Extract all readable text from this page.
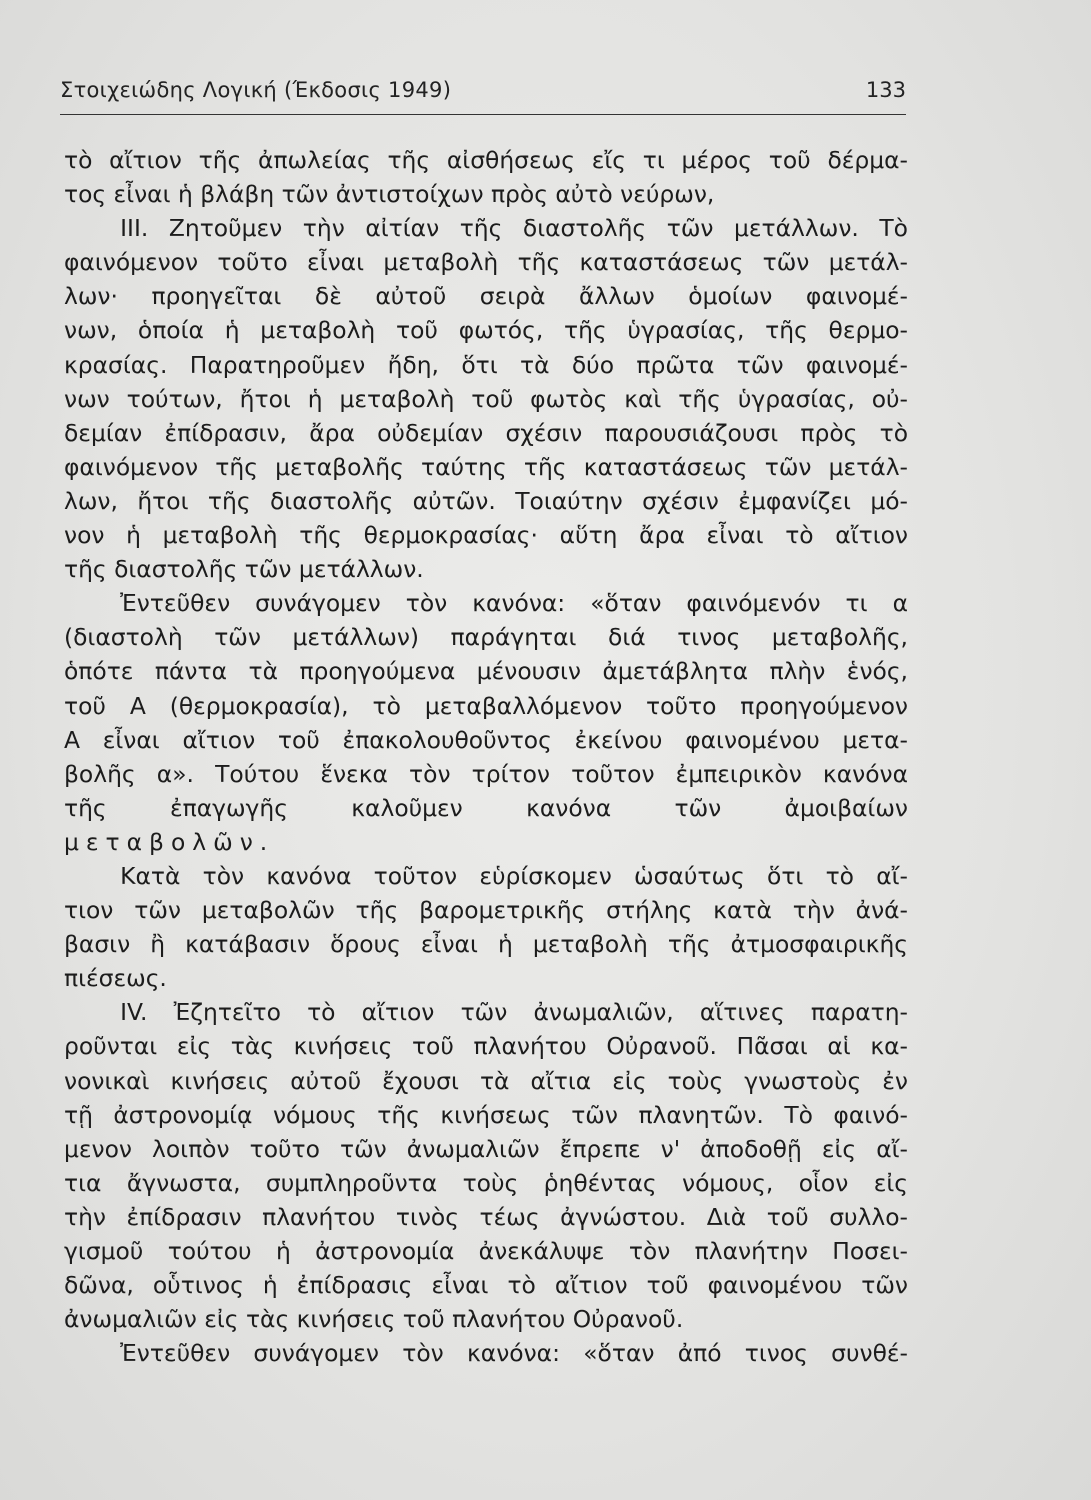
Στοιχειώδης Λογική (Έκδοσις 1949)	133
τὸ αἴτιον τῆς ἀπωλείας τῆς αἰσθήσεως εἴς τι μέρος τοῦ δέρμα-
τος εἶναι ἡ βλάβη τῶν ἀντιστοίχων πρὸς αὐτὸ νεύρων,
III. Ζητοῦμεν τὴν αἰτίαν τῆς διαστολῆς τῶν μετάλλων. Τὸ
φαινόμενον τοῦτο εἶναι μεταβολὴ τῆς καταστάσεως τῶν μετάλ-
λων· προηγεῖται δὲ αὐτοῦ σειρὰ ἄλλων ὁμοίων φαινομέ-
νων, ὁποία ἡ μεταβολὴ τοῦ φωτός, τῆς ὑγρασίας, τῆς θερμο-
κρασίας. Παρατηροῦμεν ἤδη, ὅτι τὰ δύο πρῶτα τῶν φαινομέ-
νων τούτων, ἤτοι ἡ μεταβολὴ τοῦ φωτὸς καὶ τῆς ὑγρασίας, οὐ-
δεμίαν ἐπίδρασιν, ἄρα οὐδεμίαν σχέσιν παρουσιάζουσι πρὸς τὸ
φαινόμενον τῆς μεταβολῆς ταύτης τῆς καταστάσεως τῶν μετάλ-
λων, ἤτοι τῆς διαστολῆς αὐτῶν. Τοιαύτην σχέσιν ἐμφανίζει μό-
νον ἡ μεταβολὴ τῆς θερμοκρασίας· αὕτη ἄρα εἶναι τὸ αἴτιον
τῆς διαστολῆς τῶν μετάλλων.
Ἐντεῦθεν συνάγομεν τὸν κανόνα: «ὅταν φαινόμενόν τι α
(διαστολὴ τῶν μετάλλων) παράγηται διά τινος μεταβολῆς,
ὁπότε πάντα τὰ προηγούμενα μένουσιν ἀμετάβλητα πλὴν ἑνός,
τοῦ Α (θερμοκρασία), τὸ μεταβαλλόμενον τοῦτο προηγούμενον
Α εἶναι αἴτιον τοῦ ἐπακολουθοῦντος ἐκείνου φαινομένου μετα-
βολῆς α». Τούτου ἕνεκα τὸν τρίτον τοῦτον ἐμπειρικὸν κανόνα
τῆς ἐπαγωγῆς καλοῦμεν κανόνα τῶν ἀμοιβαίων
μεταβολῶν.
Κατὰ τὸν κανόνα τοῦτον εὑρίσκομεν ὡσαύτως ὅτι τὸ αἴ-
τιον τῶν μεταβολῶν τῆς βαρομετρικῆς στήλης κατὰ τὴν ἀνά-
βασιν ἢ κατάβασιν ὅρους εἶναι ἡ μεταβολὴ τῆς ἀτμοσφαιρικῆς
πιέσεως.
IV. Ἐζητεῖτο τὸ αἴτιον τῶν ἀνωμαλιῶν, αἵτινες παρατη-
ροῦνται εἰς τὰς κινήσεις τοῦ πλανήτου Οὐρανοῦ. Πᾶσαι αἱ κα-
νονικαὶ κινήσεις αὐτοῦ ἔχουσι τὰ αἴτια εἰς τοὺς γνωστοὺς ἐν
τῇ ἀστρονομίᾳ νόμους τῆς κινήσεως τῶν πλανητῶν. Τὸ φαινό-
μενον λοιπὸν τοῦτο τῶν ἀνωμαλιῶν ἔπρεπε ν' ἀποδοθῇ εἰς αἴ-
τια ἄγνωστα, συμπληροῦντα τοὺς ῥηθέντας νόμους, οἷον εἰς
τὴν ἐπίδρασιν πλανήτου τινὸς τέως ἀγνώστου. Διὰ τοῦ συλλο-
γισμοῦ τούτου ἡ ἀστρονομία ἀνεκάλυψε τὸν πλανήτην Ποσει-
δῶνα, οὗτινος ἡ ἐπίδρασις εἶναι τὸ αἴτιον τοῦ φαινομένου τῶν
ἀνωμαλιῶν εἰς τὰς κινήσεις τοῦ πλανήτου Οὐρανοῦ.
Ἐντεῦθεν συνάγομεν τὸν κανόνα: «ὅταν ἀπό τινος συνθέ-
